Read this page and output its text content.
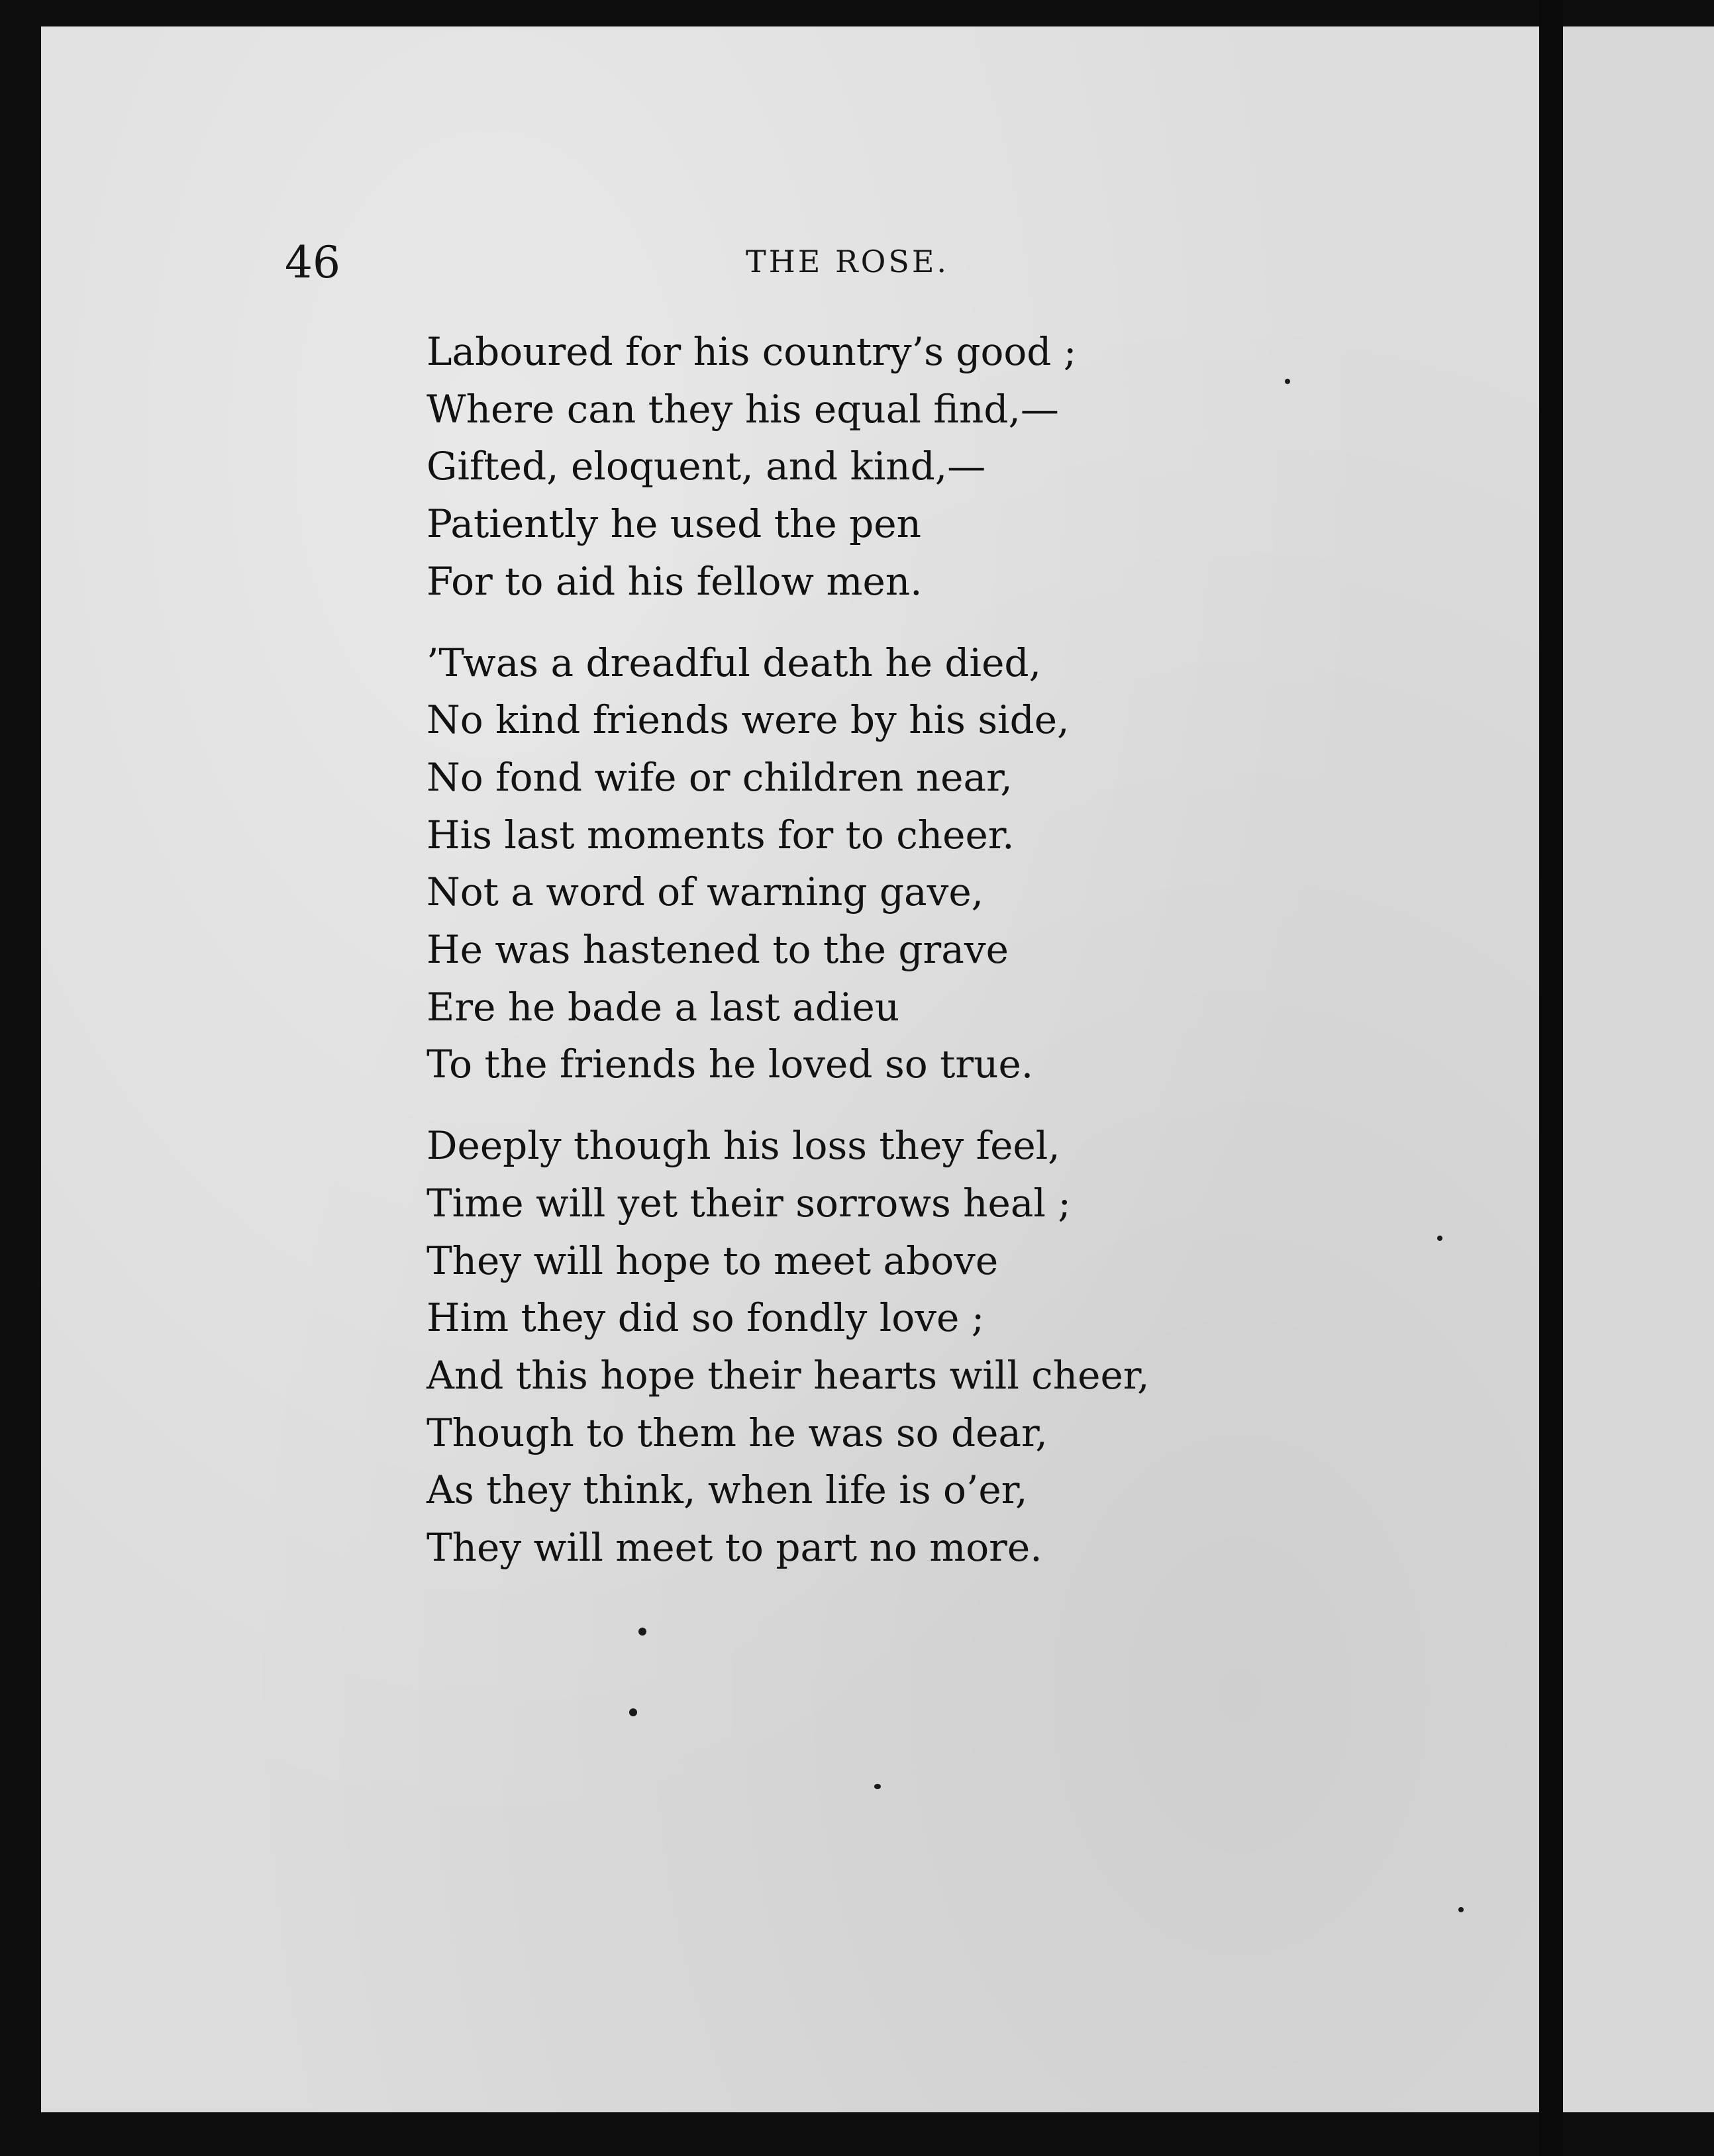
46	THE ROSE.
Laboured for his country’s good ;
Where can they his equal find,—
Gifted, eloquent, and kind,—
Patiently he used the pen
For to aid his fellow men.
’Twas a dreadful death he died,
No kind friends were by his side,
No fond wife or children near,
His last moments for to cheer.
Not a word of warning gave,
He was hastened to the grave
Ere he bade a last adieu
To the friends he loved so true.
Deeply though his loss they feel,
Time will yet their sorrows heal ;
They will hope to meet above
Him they did so fondly love ;
And this hope their hearts will cheer,
Though to them he was so dear,
As they think, when life is o’er,
They will meet to part no more.
